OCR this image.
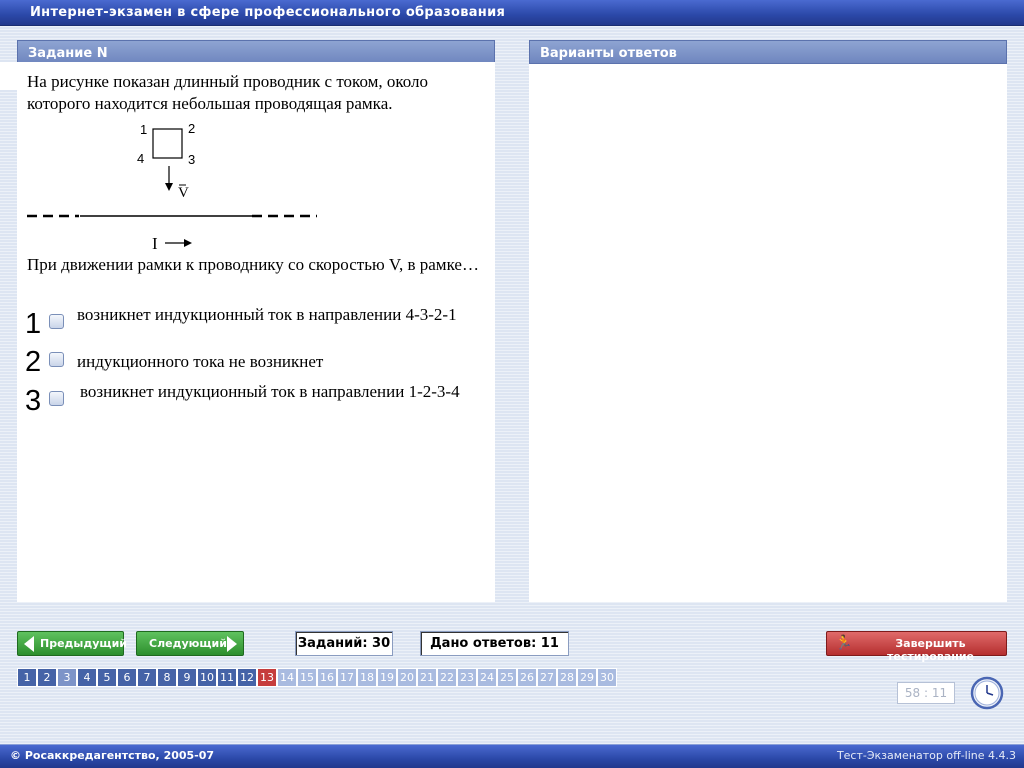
Интернет-экзамен в сфере профессионального образования
Задание N
На рисунке показан длинный проводник с током, около которого находится небольшая проводящая рамка.
1	2
3
4
V
I
При движении рамки к проводнику со скоростью V, в рамке…
1 возникнет индукционный ток в направлении 4-3-2-1
2 индукционного тока не возникнет
3 возникнет индукционный ток в направлении 1-2-3-4
Варианты ответов
Предыдущий Следующий	Заданий: 30	Дано ответов: 11	🏃	Завершить тестирование
1	2	3	4	5	6	7	8	9 10 11 12 13 14 15 16 17 18 19 20 21 22 23 24 25 26 27 28 29 30
58 : 11
© Росаккредагентство, 2005-07	Тест-Экзаменатор off-line 4.4.3
